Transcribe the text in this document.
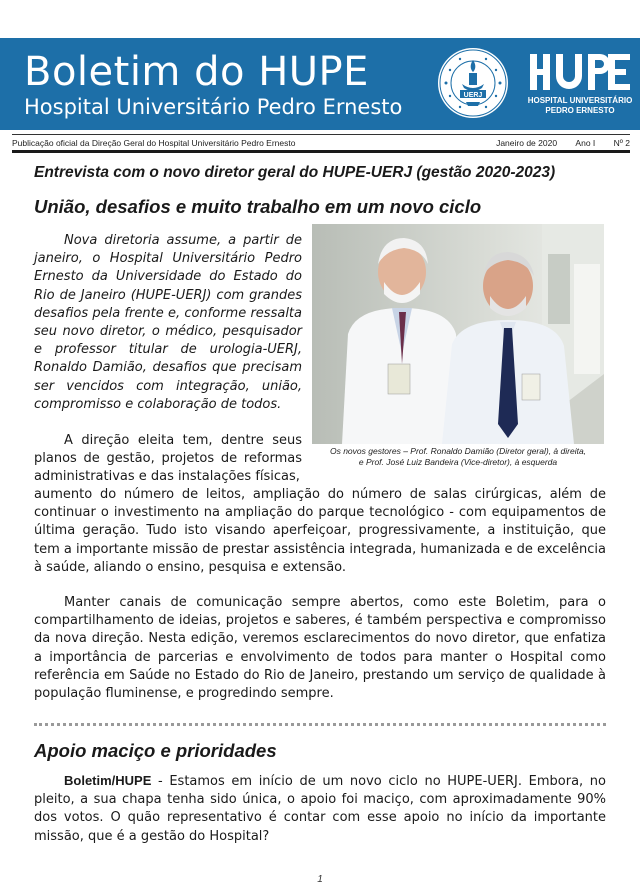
Boletim do HUPE
Hospital Universitário Pedro Ernesto	UERJ
HOSPITAL UNIVERSITÁRIO
PEDRO ERNESTO
Publicação oficial da Direção Geral do Hospital Universitário Pedro Ernesto	Janeiro de 2020 Ano I Nº 2
Entrevista com o novo diretor geral do HUPE-UERJ (gestão 2020-2023)
União, desafios e muito trabalho em um novo ciclo
Os novos gestores – Prof. Ronaldo Damião (Diretor geral), à direita,
e Prof. José Luiz Bandeira (Vice-diretor), à esquerda

Nova diretoria assume, a partir de janeiro, o Hospital Universitário Pedro Ernesto da Universidade do Estado do Rio de Janeiro (HUPE-UERJ) com grandes desafios pela frente e, conforme ressalta seu novo diretor, o médico, pesquisador e professor titular de urologia-UERJ, Ronaldo Damião, desafios que precisam ser vencidos com integração, união, compromisso e colaboração de todos.

A direção eleita tem, dentre seus planos de gestão, projetos de reformas administrativas e das instalações físicas,

aumento do número de leitos, ampliação do número de salas cirúrgicas, além de continuar o investimento na ampliação do parque tecnológico - com equipamentos de última geração. Tudo isto visando aperfeiçoar, progressivamente, a instituição, que tem a importante missão de prestar assistência integrada, humanizada e de excelência à saúde, aliando o ensino, pesquisa e extensão.

Manter canais de comunicação sempre abertos, como este Boletim, para o compartilhamento de ideias, projetos e saberes, é também perspectiva e compromisso da nova direção. Nesta edição, veremos esclarecimentos do novo diretor, que enfatiza a importância de parcerias e envolvimento de todos para manter o Hospital como referência em Saúde no Estado do Rio de Janeiro, prestando um serviço de qualidade à população fluminense, e progredindo sempre.

Apoio maciço e prioridades

Boletim/HUPE - Estamos em início de um novo ciclo no HUPE-UERJ. Embora, no pleito, a sua chapa tenha sido única, o apoio foi maciço, com aproximadamente 90% dos votos. O quão representativo é contar com esse apoio no início da importante missão, que é a gestão do Hospital?

1
